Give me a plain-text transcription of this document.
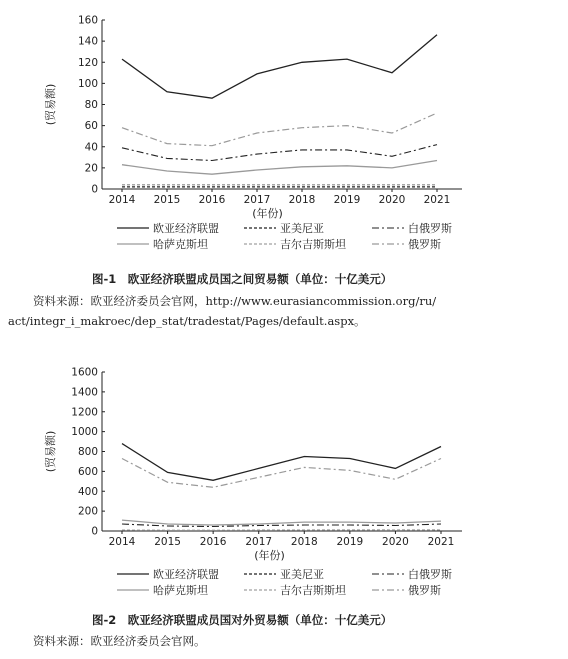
0
20
40
60
80
100
120
140
160
2014 2015 2016 2017 2018 2019 2020 2021
(年份)
(贸易额)
欧亚经济联盟	亚美尼亚	白俄罗斯
哈萨克斯坦	吉尔吉斯斯坦	俄罗斯
图-1　欧亚经济联盟成员国之间贸易额（单位：十亿美元）
资料来源：欧亚经济委员会官网，http://www.eurasiancommission.org/ru/
act/integr_i_makroec/dep_stat/tradestat/Pages/default.aspx。
0
200
400
600
800
1000
1200
1400
1600
2014 2015 2016 2017 2018 2019 2020 2021
(年份)
(贸易额)
欧亚经济联盟	亚美尼亚	白俄罗斯
哈萨克斯坦	吉尔吉斯斯坦	俄罗斯
图-2　欧亚经济联盟成员国对外贸易额（单位：十亿美元）
资料来源：欧亚经济委员会官网。
